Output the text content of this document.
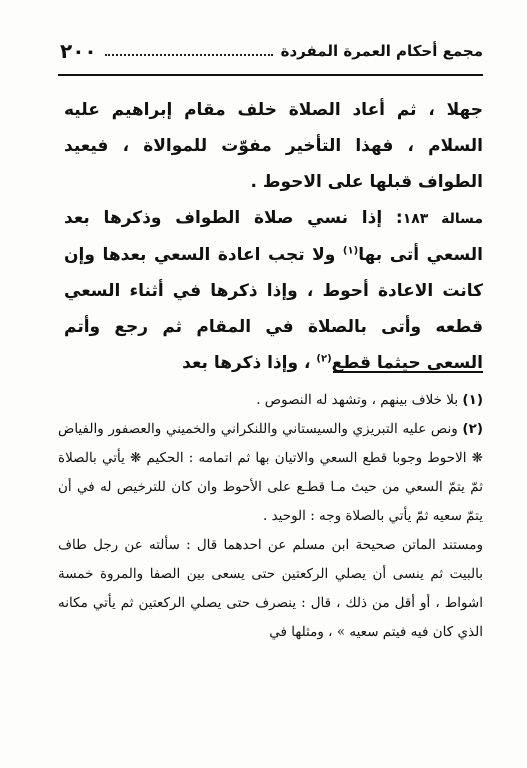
مجمع أحكام العمرة المفردة
٢٠٠

جهلا ، ثم أعاد الصلاة خلف مقام إبراهيم عليه السلام ، فهذا التأخير مفوّت للموالاة ، فيعيد الطواف قبلها على الاحوط .

مسالة ١٨٣: إذا نسي صلاة الطواف وذكرها بعد السعي أتى بها$^{(١)}$ ولا تجب اعادة السعي بعدها وإن كانت الاعادة أحوط ، وإذا ذكرها في أثناء السعي قطعه وأتى بالصلاة في المقام ثم رجع وأتم السعي حيثما قطع$^{(٢)}$ ، وإذا ذكرها بعد

(١) بلا خلاف بينهم ، وتشهد له النصوص .

(٢) ونص عليه التبريزي والسيستاني واللنكراني والخميني والعصفور والفياض ❋ الاحوط وجوبا قطع السعي والاتيان بها ثم اتمامه : الحكيم ❋ يأتي بالصلاة ثمّ يتمّ السعي من حيث مـا قطـع على الأحوط وان كان للترخيص له في أن يتمّ سعيه ثمّ يأتي بالصلاة وجه : الوحيد .

ومستند الماتن صحيحة ابن مسلم عن احدهما قال : سألته عن رجل طاف بالبيت ثم ينسى أن يصلي الركعتين حتى يسعى بين الصفا والمروة خمسة اشواط ، أو أقل من ذلك ، قال : ينصرف حتى يصلي الركعتين ثم يأتي مكانه الذي كان فيه فيتم سعيه » ، ومثلها في
